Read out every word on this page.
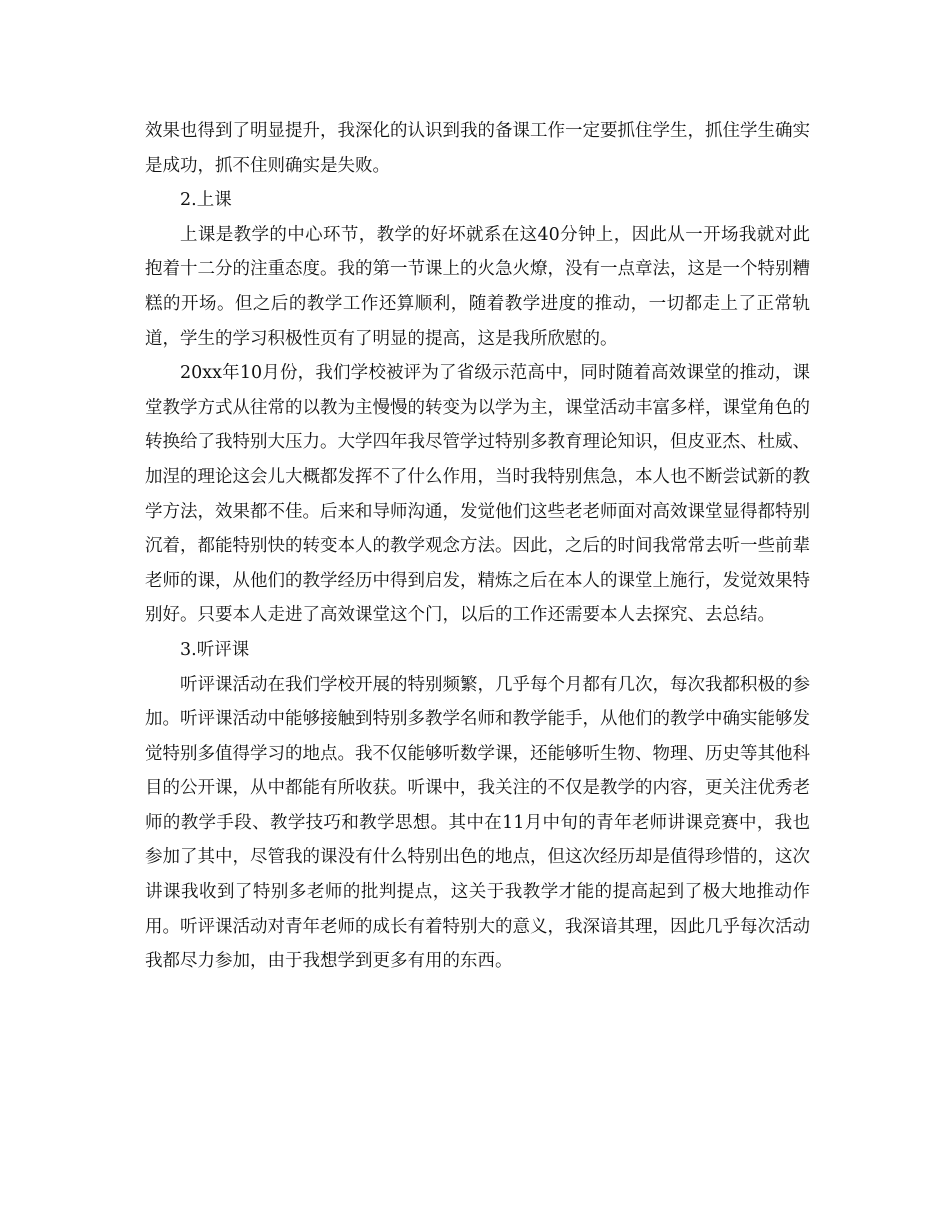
效果也得到了明显提升，我深化的认识到我的备课工作一定要抓住学生，抓住学生确实是成功，抓不住则确实是失败。

2.上课

上课是教学的中心环节，教学的好坏就系在这40分钟上，因此从一开场我就对此抱着十二分的注重态度。我的第一节课上的火急火燎，没有一点章法，这是一个特别糟糕的开场。但之后的教学工作还算顺利，随着教学进度的推动，一切都走上了正常轨道，学生的学习积极性页有了明显的提高，这是我所欣慰的。

20xx年10月份，我们学校被评为了省级示范高中，同时随着高效课堂的推动，课堂教学方式从往常的以教为主慢慢的转变为以学为主，课堂活动丰富多样，课堂角色的转换给了我特别大压力。大学四年我尽管学过特别多教育理论知识，但皮亚杰、杜威、加涅的理论这会儿大概都发挥不了什么作用，当时我特别焦急，本人也不断尝试新的教学方法，效果都不佳。后来和导师沟通，发觉他们这些老老师面对高效课堂显得都特别沉着，都能特别快的转变本人的教学观念方法。因此，之后的时间我常常去听一些前辈老师的课，从他们的教学经历中得到启发，精炼之后在本人的课堂上施行，发觉效果特别好。只要本人走进了高效课堂这个门，以后的工作还需要本人去探究、去总结。

3.听评课

听评课活动在我们学校开展的特别频繁，几乎每个月都有几次，每次我都积极的参加。听评课活动中能够接触到特别多教学名师和教学能手，从他们的教学中确实能够发觉特别多值得学习的地点。我不仅能够听数学课，还能够听生物、物理、历史等其他科目的公开课，从中都能有所收获。听课中，我关注的不仅是教学的内容，更关注优秀老师的教学手段、教学技巧和教学思想。其中在11月中旬的青年老师讲课竞赛中，我也参加了其中，尽管我的课没有什么特别出色的地点，但这次经历却是值得珍惜的，这次讲课我收到了特别多老师的批判提点，这关于我教学才能的提高起到了极大地推动作用。听评课活动对青年老师的成长有着特别大的意义，我深谙其理，因此几乎每次活动我都尽力参加，由于我想学到更多有用的东西。
